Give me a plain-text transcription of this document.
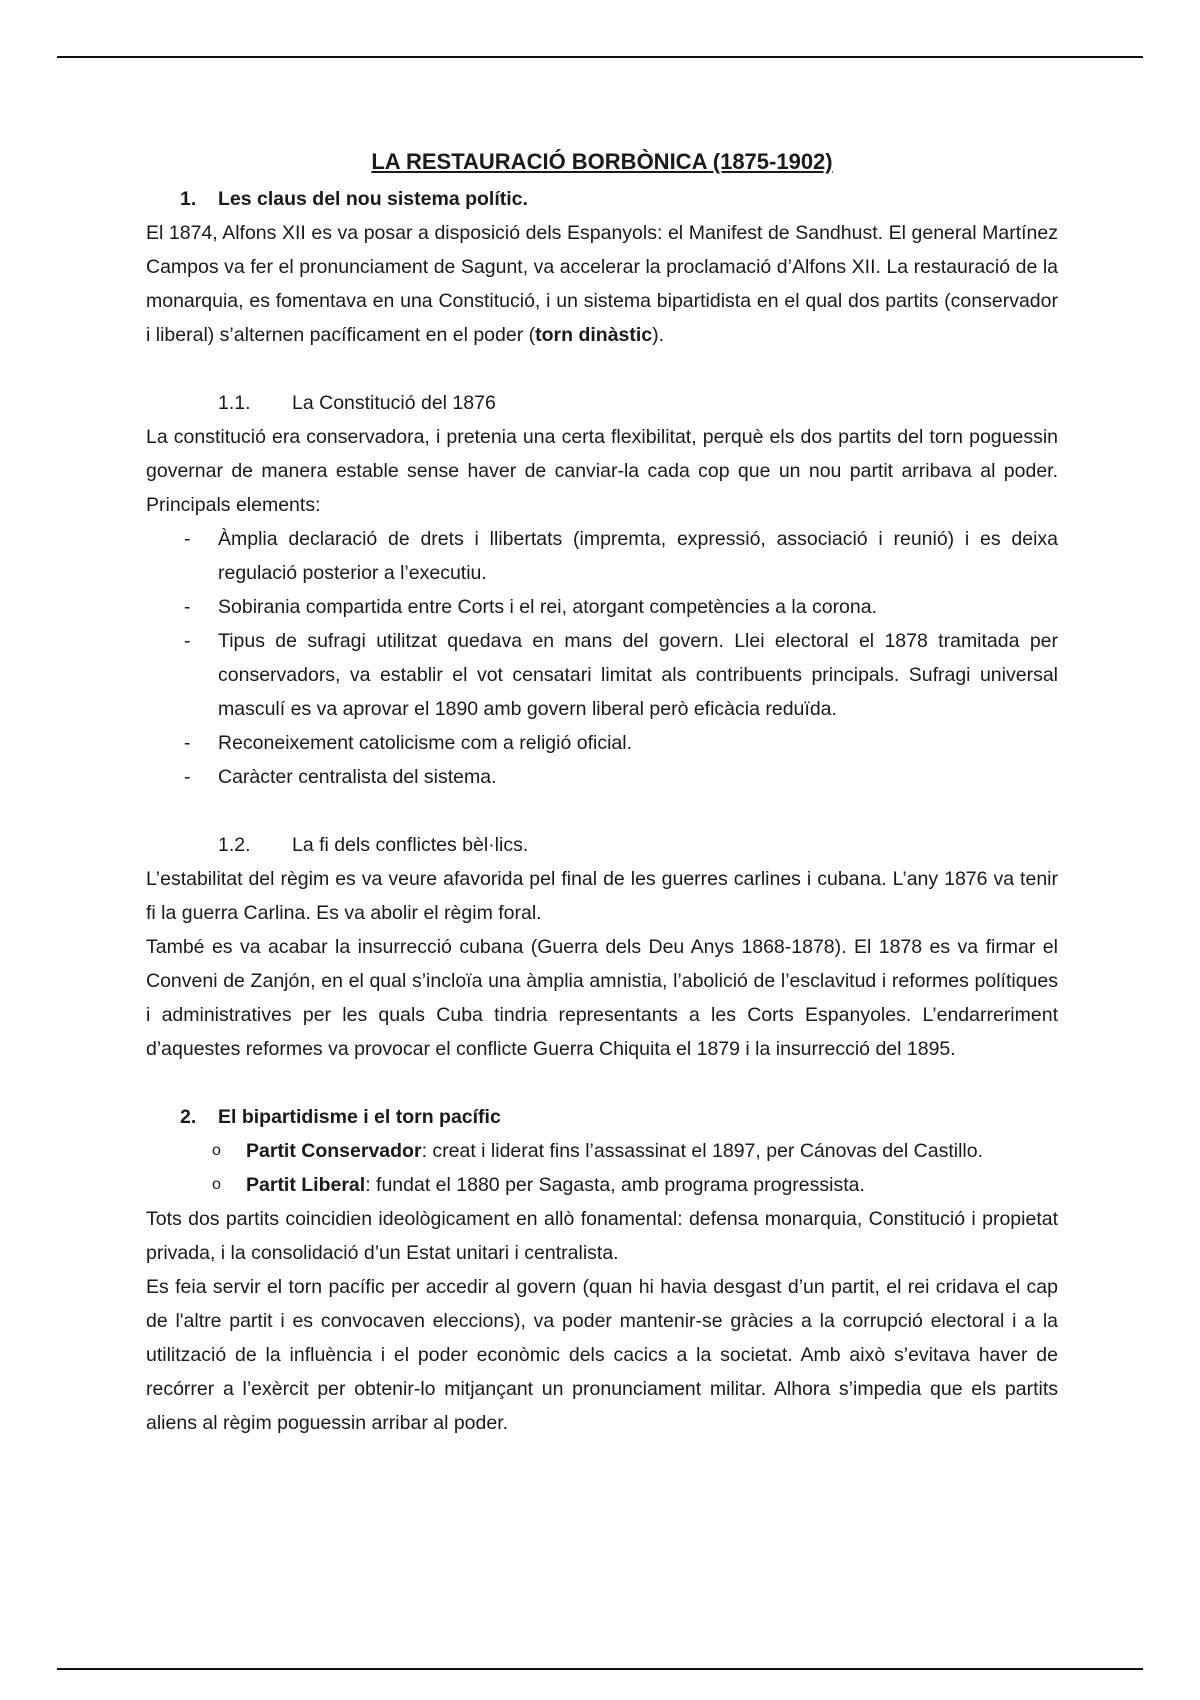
LA RESTAURACIÓ BORBÒNICA (1875-1902)
1.	Les claus del nou sistema polític.

El 1874, Alfons XII es va posar a disposició dels Espanyols: el Manifest de Sandhust. El general Martínez Campos va fer el pronunciament de Sagunt, va accelerar la proclamació d’Alfons XII. La restauració de la monarquia, es fomentava en una Constitució, i un sistema bipartidista en el qual dos partits (conservador i liberal) s’alternen pacíficament en el poder (torn dinàstic).

1.1. La Constitució del 1876

La constitució era conservadora, i pretenia una certa flexibilitat, perquè els dos partits del torn poguessin governar de manera estable sense haver de canviar-la cada cop que un nou partit arribava al poder. Principals elements:

- Àmplia declaració de drets i llibertats (impremta, expressió, associació i reunió) i es deixa regulació posterior a l’executiu.
- Sobirania compartida entre Corts i el rei, atorgant competències a la corona.
- Tipus de sufragi utilitzat quedava en mans del govern. Llei electoral el 1878 tramitada per conservadors, va establir el vot censatari limitat als contribuents principals. Sufragi universal masculí es va aprovar el 1890 amb govern liberal però eficàcia reduïda.
- Reconeixement catolicisme com a religió oficial.
- Caràcter centralista del sistema.
1.2. La fi dels conflictes bèl·lics.

L’estabilitat del règim es va veure afavorida pel final de les guerres carlines i cubana. L’any 1876 va tenir fi la guerra Carlina. Es va abolir el règim foral.

També es va acabar la insurrecció cubana (Guerra dels Deu Anys 1868-1878). El 1878 es va firmar el Conveni de Zanjón, en el qual s’incloïa una àmplia amnistia, l’abolició de l’esclavitud i reformes polítiques i administratives per les quals Cuba tindria representants a les Corts Espanyoles. L’endarreriment d’aquestes reformes va provocar el conflicte Guerra Chiquita el 1879 i la insurrecció del 1895.

2.	El bipartidisme i el torn pacífic
o Partit Conservador: creat i liderat fins l’assassinat el 1897, per Cánovas del Castillo.
o Partit Liberal: fundat el 1880 per Sagasta, amb programa progressista.

Tots dos partits coincidien ideològicament en allò fonamental: defensa monarquia, Constitució i propietat privada, i la consolidació d’un Estat unitari i centralista.

Es feia servir el torn pacífic per accedir al govern (quan hi havia desgast d’un partit, el rei cridava el cap de l'altre partit i es convocaven eleccions), va poder mantenir-se gràcies a la corrupció electoral i a la utilització de la influència i el poder econòmic dels cacics a la societat. Amb això s’evitava haver de recórrer a l’exèrcit per obtenir-lo mitjançant un pronunciament militar. Alhora s’impedia que els partits aliens al règim poguessin arribar al poder.
